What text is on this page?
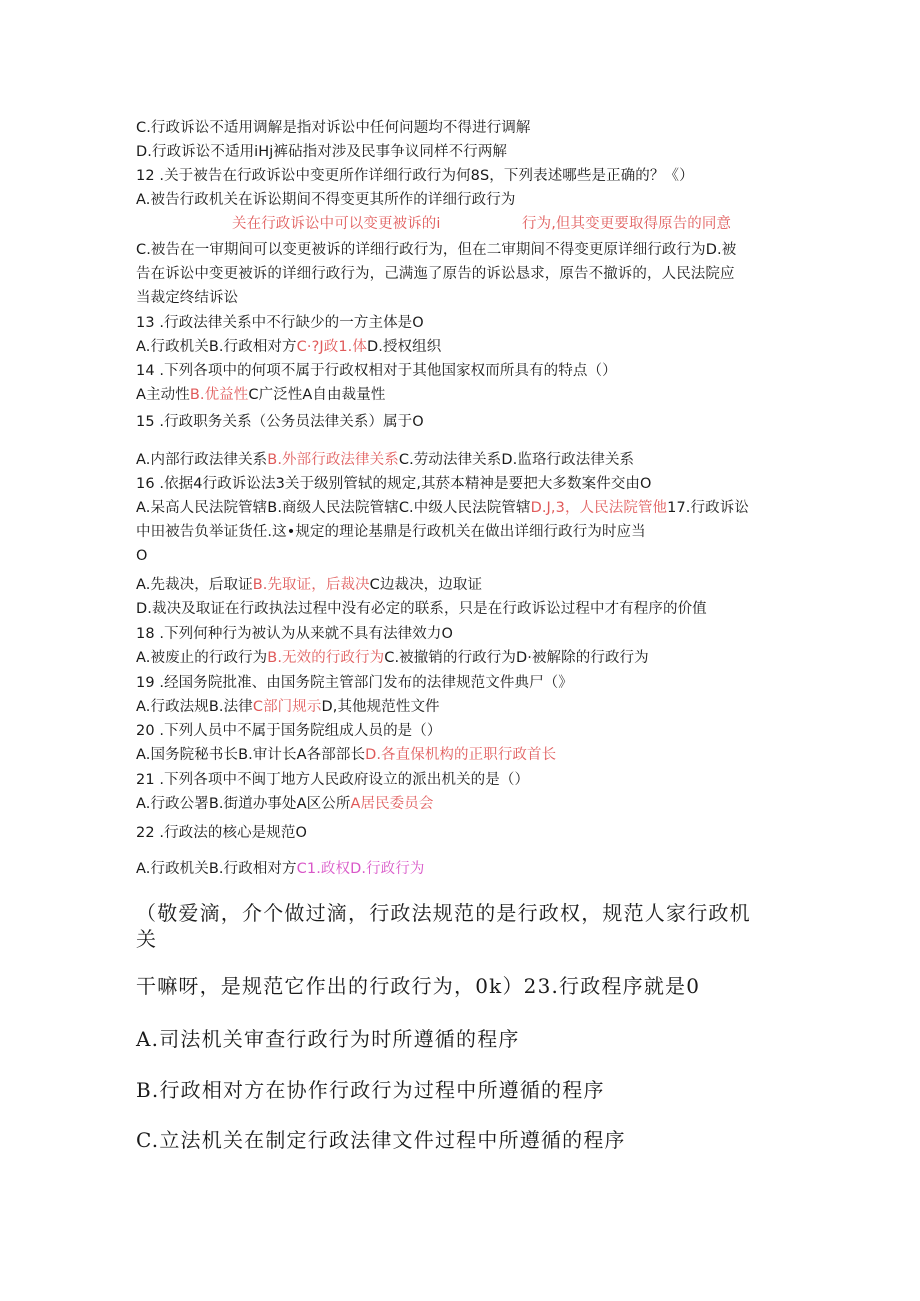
C.行政诉讼不适用调解是指对诉讼中任何问题均不得进行调解
D.行政诉讼不适用iHj裤砧指对涉及民事争议同样不行两解
12 .关于被告在行政诉讼中变更所作详细行政行为何8S，下列表述哪些是正确的？《）
A.被告行政机关在诉讼期间不得变更其所作的详细行政行为
关在行政诉讼中可以变更被诉的i	行为,但其变更要取得原告的同意
C.被告在一审期间可以变更被诉的详细行政行为，但在二审期间不得变更原详细行政行为D.被
告在诉讼中变更被诉的详细行政行为，己满迤了原告的诉讼恳求，原告不撤诉的，人民法院应
当裁定终结诉讼
13 .行政法律关系中不行缺少的一方主体是O
A.行政机关B.行政相对方C·?J政1.体D.授权组织
14 .下列各项中的何项不属于行政权相对于其他国家权而所具有的特点（）
A主动性B.优益性C广泛性A自由裁量性
15 .行政职务关系（公务员法律关系）属于O
A.内部行政法律关系B.外部行政法律关系C.劳动法律关系D.监珞行政法律关系
16 .依据4行政诉讼法3关于级别管轼的规定,其菸本精神是要把大多数案件交由O
A.呆高人民法院管辖B.商级人民法院管辖C.中级人民法院管辖D.J,3，人民法院管他17.行政诉讼
中田被告负举证货任.这•规定的理论基鼎是行政机关在做出详细行政行为时应当
O
A.先裁决，后取证B.先取证，后裁决C边裁决，边取证
D.裁决及取证在行政执法过程中没有必定的联系，只是在行政诉讼过程中才有程序的价值
18 .下列何种行为被认为从来就不具有法律效力O
A.被废止的行政行为B.无效的行政行为C.被撤销的行政行为D·被解除的行政行为
19 .经国务院批准、由国务院主管部门发布的法律规范文件典尸（》
A.行政法规B.法律C部门规示D,其他规范性文件
20 .下列人员中不属于国务院组成人员的是（）
A.国务院秘书长B.审计长A各部部长D.各直保机构的正职行政首长
21 .下列各项中不闽丁地方人民政府设立的派出机关的是（）
A.行政公署B.街道办事处A区公所A居民委员会
22 .行政法的核心是规范O
A.行政机关B.行政相对方C1.政权D.行政行为
（敬爱滴，介个做过滴，行政法规范的是行政权，规范人家行政机
关
干嘛呀，是规范它作出的行政行为，0k）23.行政程序就是0
A.司法机关审查行政行为时所遵循的程序
B.行政相对方在协作行政行为过程中所遵循的程序
C.立法机关在制定行政法律文件过程中所遵循的程序
